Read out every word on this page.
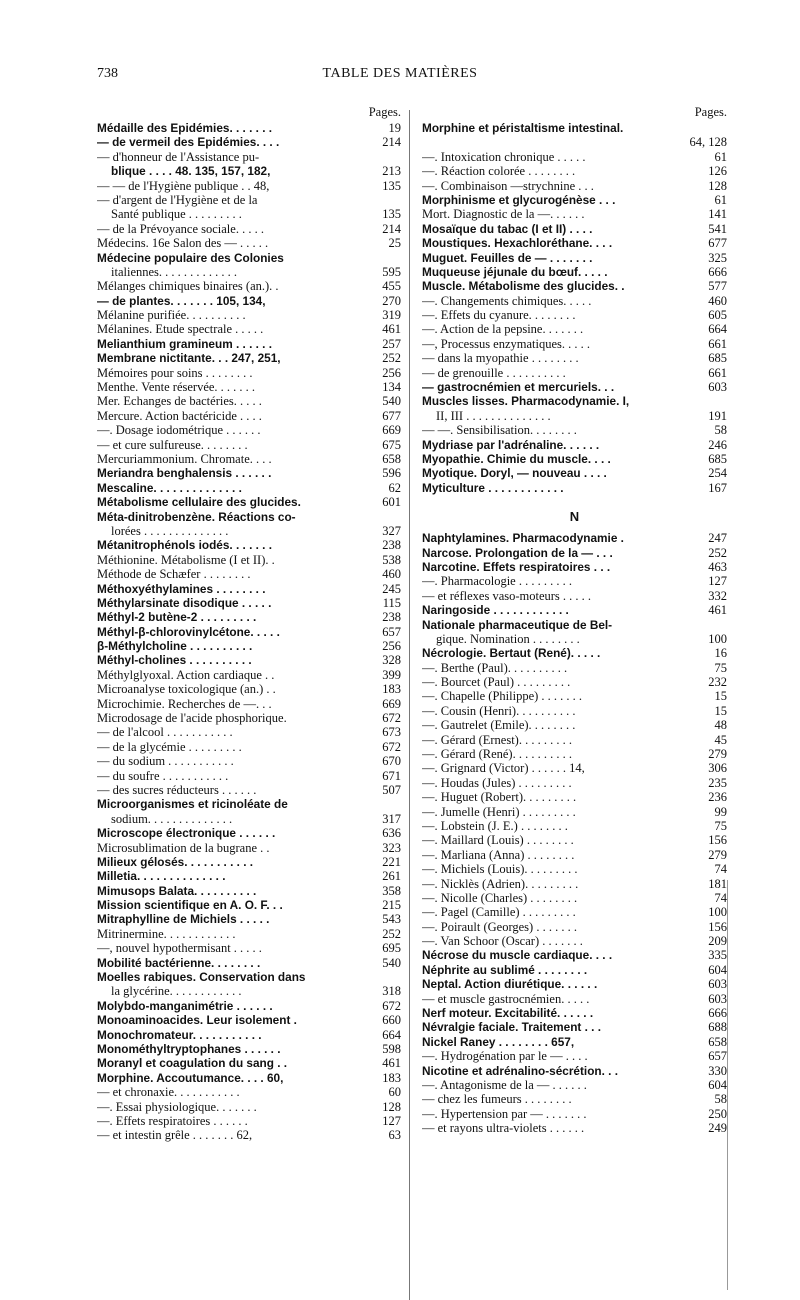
738	TABLE DES MATIÈRES
Pages.
Médaille des Epidémies. . . . . . .	19
— de vermeil des Epidémies. . . .	214
— d'honneur de l'Assistance pu-
blique . . . . 48. 135, 157, 182,	213
— — de l'Hygiène publique . . 48,	135
— d'argent de l'Hygiène et de la
Santé publique . . . . . . . . .	135
— de la Prévoyance sociale. . . . .	214
Médecins. 16e Salon des — . . . . .	25
Médecine populaire des Colonies
italiennes. . . . . . . . . . . . .	595
Mélanges chimiques binaires (an.). .	455
— de plantes. . . . . . . 105, 134,	270
Mélanine purifiée. . . . . . . . . .	319
Mélanines. Etude spectrale . . . . .	461
Melianthium gramineum . . . . . .	257
Membrane nictitante. . . 247, 251,	252
Mémoires pour soins . . . . . . . .	256
Menthe. Vente réservée. . . . . . .	134
Mer. Echanges de bactéries. . . . .	540
Mercure. Action bactéricide . . . .	677
—. Dosage iodométrique . . . . . .	669
— et cure sulfureuse. . . . . . . .	675
Mercuriammonium. Chromate. . . .	658
Meriandra benghalensis . . . . . .	596
Mescaline. . . . . . . . . . . . . .	62
Métabolisme cellulaire des glucides.	601
Méta-dinitrobenzène. Réactions co-
lorées . . . . . . . . . . . . . .	327
Métanitrophénols iodés. . . . . . .	238
Méthionine. Métabolisme (I et II). .	538
Méthode de Schæfer . . . . . . . .	460
Méthoxyéthylamines . . . . . . . .	245
Méthylarsinate disodique . . . . .	115
Méthyl-2 butène-2 . . . . . . . . .	238
Méthyl-β-chlorovinylcétone. . . . .	657
β-Méthylcholine . . . . . . . . . .	256
Méthyl-cholines . . . . . . . . . .	328
Méthylglyoxal. Action cardiaque . .	399
Microanalyse toxicologique (an.) . .	183
Microchimie. Recherches de —. . .	669
Microdosage de l'acide phosphorique.	672
— de l'alcool . . . . . . . . . . .	673
— de la glycémie . . . . . . . . .	672
— du sodium . . . . . . . . . . .	670
— du soufre . . . . . . . . . . .	671
— des sucres réducteurs . . . . . .	507
Microorganismes et ricinoléate de
sodium. . . . . . . . . . . . . .	317
Microscope électronique . . . . . .	636
Microsublimation de la bugrane . .	323
Milieux gélosés. . . . . . . . . . .	221
Milletia. . . . . . . . . . . . . .	261
Mimusops Balata. . . . . . . . . .	358
Mission scientifique en A. O. F. . .	215
Mitraphylline de Michiels . . . . .	543
Mitrinermine. . . . . . . . . . . .	252
—, nouvel hypothermisant . . . . .	695
Mobilité bactérienne. . . . . . . .	540
Moelles rabiques. Conservation dans
la glycérine. . . . . . . . . . . .	318
Molybdo-manganimétrie . . . . . .	672
Monoaminoacides. Leur isolement .	660
Monochromateur. . . . . . . . . . .	664
Monométhyltryptophanes . . . . . .	598
Moranyl et coagulation du sang . .	461
Morphine. Accoutumance. . . . 60,	183
— et chronaxie. . . . . . . . . . .	60
—. Essai physiologique. . . . . . .	128
—. Effets respiratoires . . . . . .	127
— et intestin grêle . . . . . . . 62,	63
Pages.
Morphine et péristaltisme intestinal.
64, 128
—. Intoxication chronique . . . . .	61
—. Réaction colorée . . . . . . . .	126
—. Combinaison —strychnine . . .	128
Morphinisme et glycurogénèse . . .	61
Mort. Diagnostic de la —. . . . . .	141
Mosaïque du tabac (I et II) . . . .	541
Moustiques. Hexachloréthane. . . .	677
Muguet. Feuilles de — . . . . . . .	325
Muqueuse jéjunale du bœuf. . . . .	666
Muscle. Métabolisme des glucides. .	577
—. Changements chimiques. . . . .	460
—. Effets du cyanure. . . . . . . .	605
—. Action de la pepsine. . . . . . .	664
—, Processus enzymatiques. . . . .	661
— dans la myopathie . . . . . . . .	685
— de grenouille . . . . . . . . . .	661
— gastrocnémien et mercuriels. . .	603
Muscles lisses. Pharmacodynamie. I,
II, III . . . . . . . . . . . . . .	191
— —. Sensibilisation. . . . . . . .	58
Mydriase par l'adrénaline. . . . . .	246
Myopathie. Chimie du muscle. . . .	685
Myotique. Doryl, — nouveau . . . .	254
Myticulture . . . . . . . . . . . .	167
N
Naphtylamines. Pharmacodynamie .	247
Narcose. Prolongation de la — . . .	252
Narcotine. Effets respiratoires . . .	463
—. Pharmacologie . . . . . . . . .	127
— et réflexes vaso-moteurs . . . . .	332
Naringoside . . . . . . . . . . . .	461
Nationale pharmaceutique de Bel-
gique. Nomination . . . . . . . .	100
Nécrologie. Bertaut (René). . . . .	16
—. Berthe (Paul). . . . . . . . . .	75
—. Bourcet (Paul) . . . . . . . . .	232
—. Chapelle (Philippe) . . . . . . .	15
—. Cousin (Henri). . . . . . . . . .	15
—. Gautrelet (Emile). . . . . . . .	48
—. Gérard (Ernest). . . . . . . . .	45
—. Gérard (René). . . . . . . . . .	279
—. Grignard (Victor) . . . . . . 14,	306
—. Houdas (Jules) . . . . . . . . .	235
—. Huguet (Robert). . . . . . . . .	236
—. Jumelle (Henri) . . . . . . . . .	99
—. Lobstein (J. E.) . . . . . . . .	75
—. Maillard (Louis) . . . . . . . .	156
—. Marliana (Anna) . . . . . . . .	279
—. Michiels (Louis). . . . . . . . .	74
—. Nicklès (Adrien). . . . . . . . .	181
—. Nicolle (Charles) . . . . . . . .	74
—. Pagel (Camille) . . . . . . . . .	100
—. Poirault (Georges) . . . . . . .	156
—. Van Schoor (Oscar) . . . . . . .	209
Nécrose du muscle cardiaque. . . .	335
Néphrite au sublimé . . . . . . . .	604
Neptal. Action diurétique. . . . . .	603
— et muscle gastrocnémien. . . . .	603
Nerf moteur. Excitabilité. . . . . .	666
Névralgie faciale. Traitement . . .	688
Nickel Raney . . . . . . . . 657,	658
—. Hydrogénation par le — . . . .	657
Nicotine et adrénalino-sécrétion. . .	330
—. Antagonisme de la — . . . . . .	604
— chez les fumeurs . . . . . . . .	58
—. Hypertension par — . . . . . . .	250
— et rayons ultra-violets . . . . . .	249
